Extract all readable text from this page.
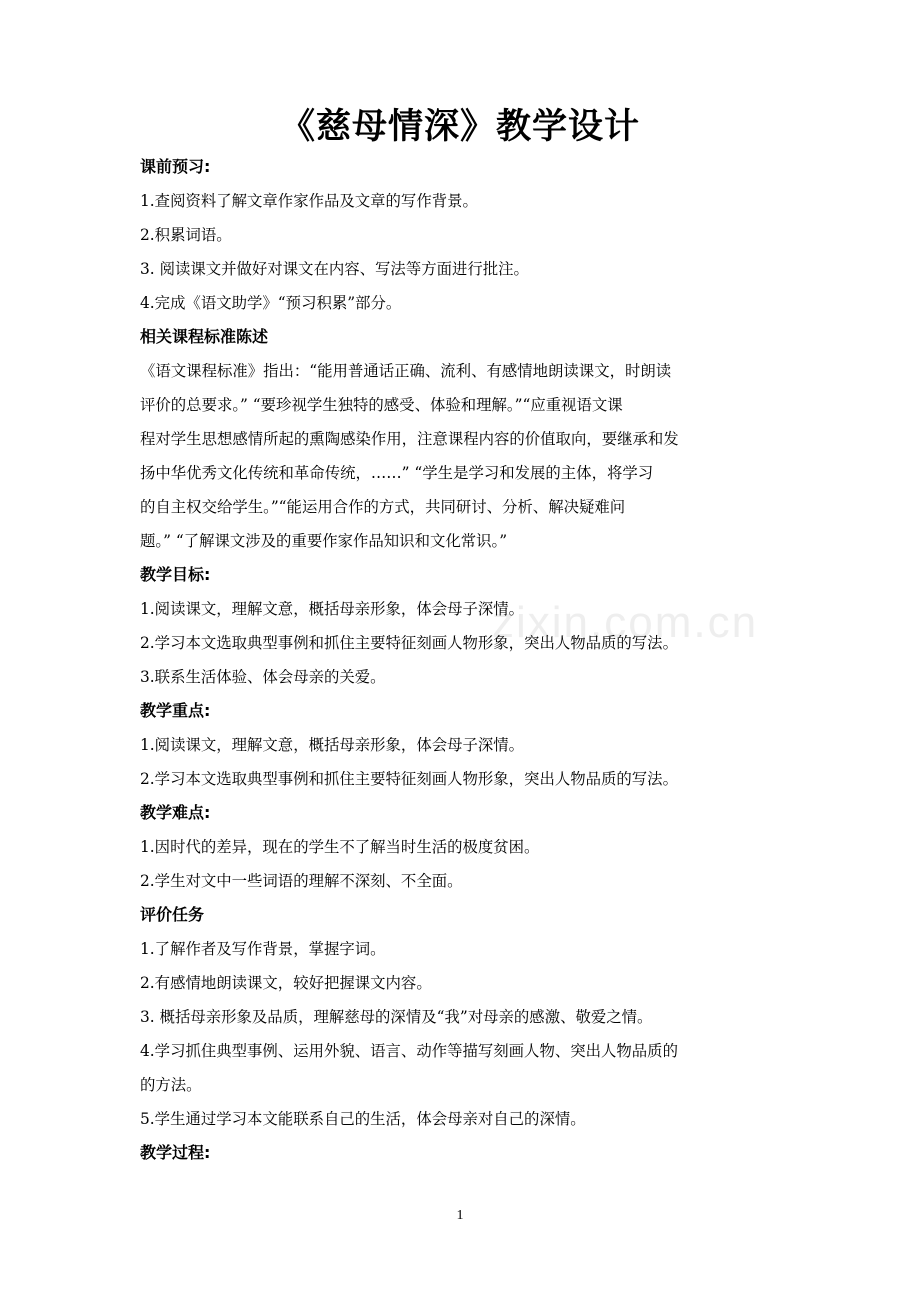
zixin.com.cn
《慈母情深》教学设计
课前预习:
1.查阅资料了解文章作家作品及文章的写作背景。
2.积累词语。
3. 阅读课文并做好对课文在内容、写法等方面进行批注。
4.完成《语文助学》“预习积累”部分。
相关课程标准陈述
《语文课程标准》指出：“能用普通话正确、流利、有感情地朗读课文，时朗读
评价的总要求。” “要珍视学生独特的感受、体验和理解。”“应重视语文课
程对学生思想感情所起的熏陶感染作用，注意课程内容的价值取向，要继承和发
扬中华优秀文化传统和革命传统，……” “学生是学习和发展的主体，将学习
的自主权交给学生。”“能运用合作的方式，共同研讨、分析、解决疑难问
题。” “了解课文涉及的重要作家作品知识和文化常识。”
教学目标:
1.阅读课文，理解文意，概括母亲形象，体会母子深情。
2.学习本文选取典型事例和抓住主要特征刻画人物形象，突出人物品质的写法。
3.联系生活体验、体会母亲的关爱。
教学重点:
1.阅读课文，理解文意，概括母亲形象，体会母子深情。
2.学习本文选取典型事例和抓住主要特征刻画人物形象，突出人物品质的写法。
教学难点:
1.因时代的差异，现在的学生不了解当时生活的极度贫困。
2.学生对文中一些词语的理解不深刻、不全面。
评价任务
1.了解作者及写作背景，掌握字词。
2.有感情地朗读课文，较好把握课文内容。
3. 概括母亲形象及品质，理解慈母的深情及“我”对母亲的感激、敬爱之情。
4.学习抓住典型事例、运用外貌、语言、动作等描写刻画人物、突出人物品质的
的方法。
5.学生通过学习本文能联系自己的生活，体会母亲对自己的深情。
教学过程:
1
